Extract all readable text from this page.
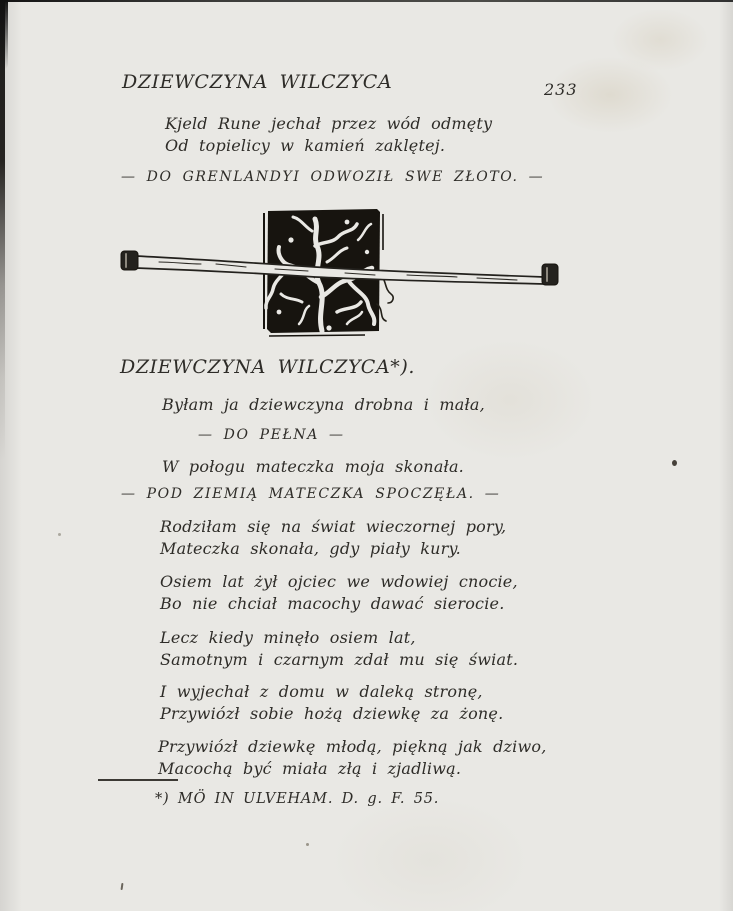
DZIEWCZYNA WILCZYCA	233
Kjeld Rune jechał przez wód odmęty
Od topielicy w kamień zaklętej.
— DO GRENLANDYI ODWOZIŁ SWE ZŁOTO. —
DZIEWCZYNA WILCZYCA*).
Byłam ja dziewczyna drobna i mała,
— DO PEŁNA —
W połogu mateczka moja skonała.
— POD ZIEMIĄ MATECZKA SPOCZĘŁA. —
Rodziłam się na świat wieczornej pory,
Mateczka skonała, gdy piały kury.
Osiem lat żył ojciec we wdowiej cnocie,
Bo nie chciał macochy dawać sierocie.
Lecz kiedy minęło osiem lat,
Samotnym i czarnym zdał mu się świat.
I wyjechał z domu w daleką stronę,
Przywiózł sobie hożą dziewkę za żonę.
Przywiózł dziewkę młodą, piękną jak dziwo,
Macochą być miała złą i zjadliwą.
*) MÖ IN ULVEHAM. D. g. F. 55.
